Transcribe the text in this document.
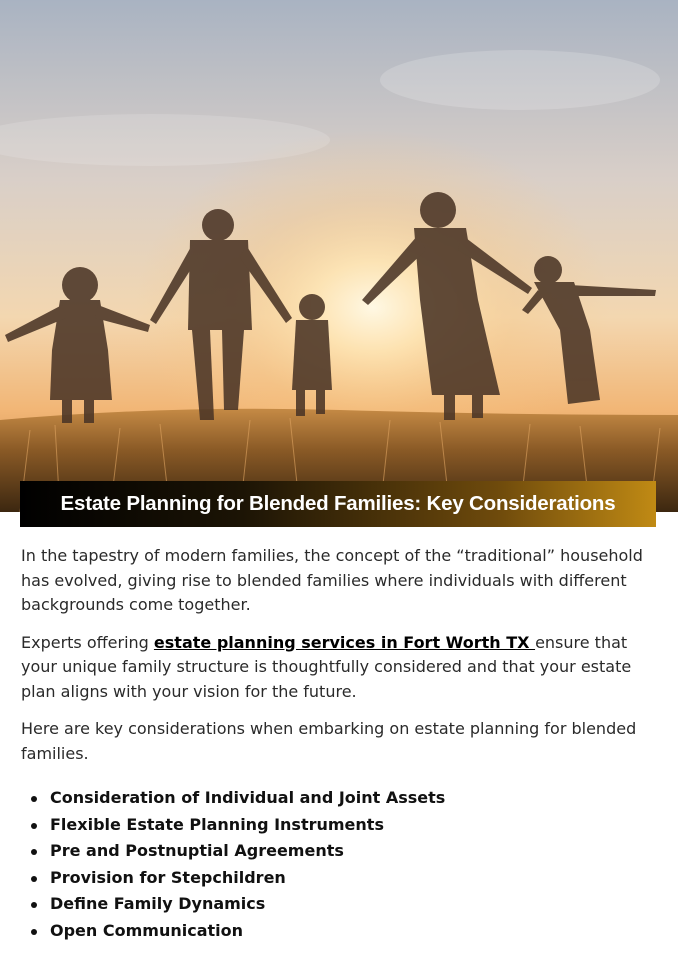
Estate Planning for Blended Families: Key Considerations

In the tapestry of modern families, the concept of the “traditional” household has evolved, giving rise to blended families where individuals with different backgrounds come together.

Experts offering estate planning services in Fort Worth TX ensure that your unique family structure is thoughtfully considered and that your estate plan aligns with your vision for the future.

Here are key considerations when embarking on estate planning for blended families.

Consideration of Individual and Joint Assets
Flexible Estate Planning Instruments
Pre and Postnuptial Agreements
Provision for Stepchildren
Define Family Dynamics
Open Communication
